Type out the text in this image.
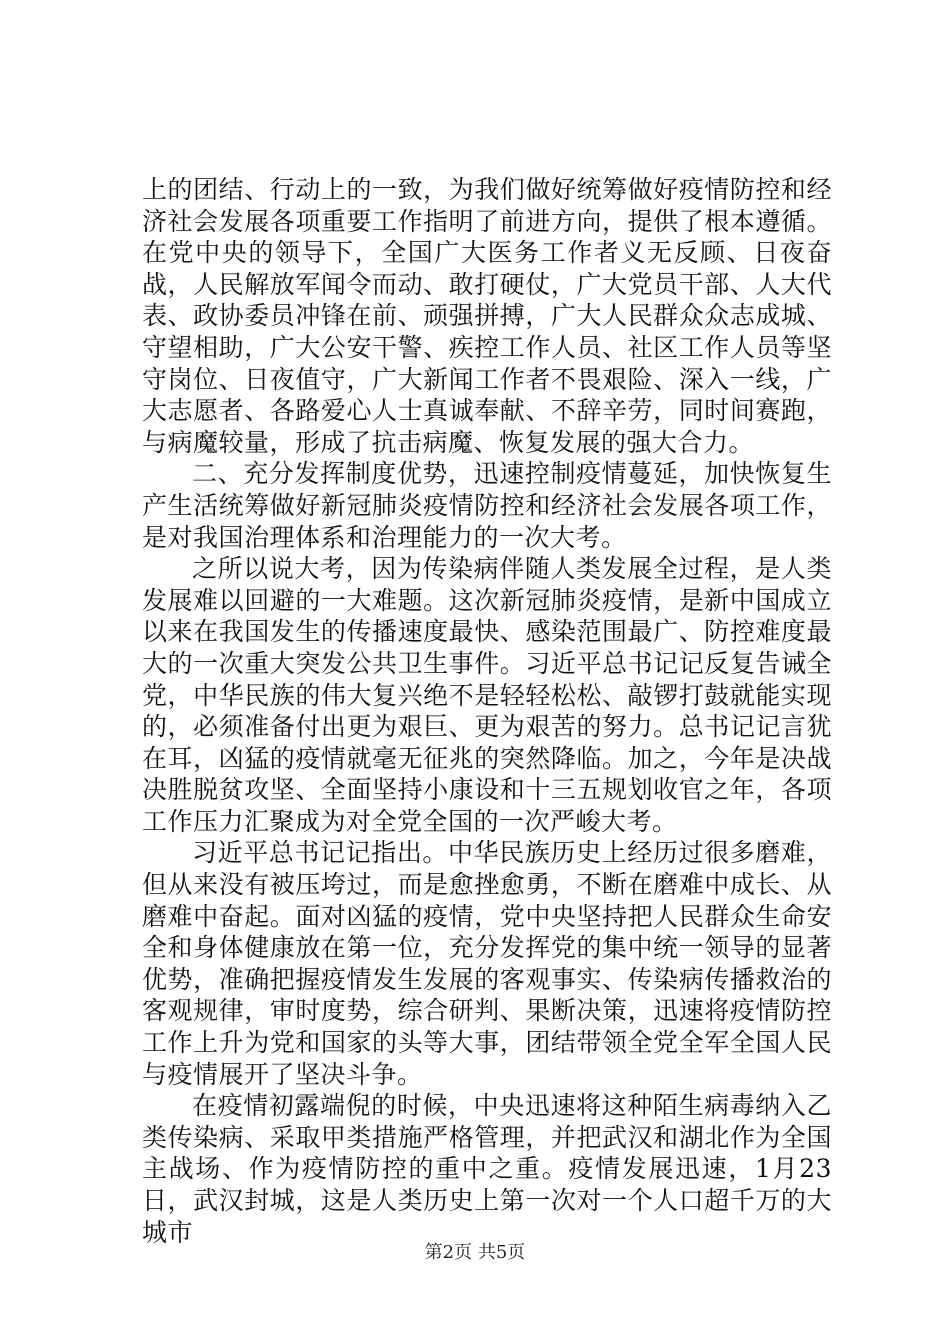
上的团结、行动上的一致，为我们做好统筹做好疫情防控和经济社会发展各项重要工作指明了前进方向，提供了根本遵循。在党中央的领导下，全国广大医务工作者义无反顾、日夜奋战，人民解放军闻令而动、敢打硬仗，广大党员干部、人大代表、政协委员冲锋在前、顽强拼搏，广大人民群众众志成城、守望相助，广大公安干警、疾控工作人员、社区工作人员等坚守岗位、日夜值守，广大新闻工作者不畏艰险、深入一线，广大志愿者、各路爱心人士真诚奉献、不辞辛劳，同时间赛跑，与病魔较量，形成了抗击病魔、恢复发展的强大合力。

二、充分发挥制度优势，迅速控制疫情蔓延，加快恢复生产生活统筹做好新冠肺炎疫情防控和经济社会发展各项工作，是对我国治理体系和治理能力的一次大考。

之所以说大考，因为传染病伴随人类发展全过程，是人类发展难以回避的一大难题。这次新冠肺炎疫情，是新中国成立以来在我国发生的传播速度最快、感染范围最广、防控难度最大的一次重大突发公共卫生事件。习近平总书记记反复告诫全党，中华民族的伟大复兴绝不是轻轻松松、敲锣打鼓就能实现的，必须准备付出更为艰巨、更为艰苦的努力。总书记记言犹在耳，凶猛的疫情就毫无征兆的突然降临。加之，今年是决战决胜脱贫攻坚、全面坚持小康设和十三五规划收官之年，各项工作压力汇聚成为对全党全国的一次严峻大考。

习近平总书记记指出。中华民族历史上经历过很多磨难，但从来没有被压垮过，而是愈挫愈勇，不断在磨难中成长、从磨难中奋起。面对凶猛的疫情，党中央坚持把人民群众生命安全和身体健康放在第一位，充分发挥党的集中统一领导的显著优势，准确把握疫情发生发展的客观事实、传染病传播救治的客观规律，审时度势，综合研判、果断决策，迅速将疫情防控工作上升为党和国家的头等大事，团结带领全党全军全国人民与疫情展开了坚决斗争。

在疫情初露端倪的时候，中央迅速将这种陌生病毒纳入乙类传染病、采取甲类措施严格管理，并把武汉和湖北作为全国主战场、作为疫情防控的重中之重。疫情发展迅速，1月23日，武汉封城，这是人类历史上第一次对一个人口超千万的大城市

第2页 共5页
